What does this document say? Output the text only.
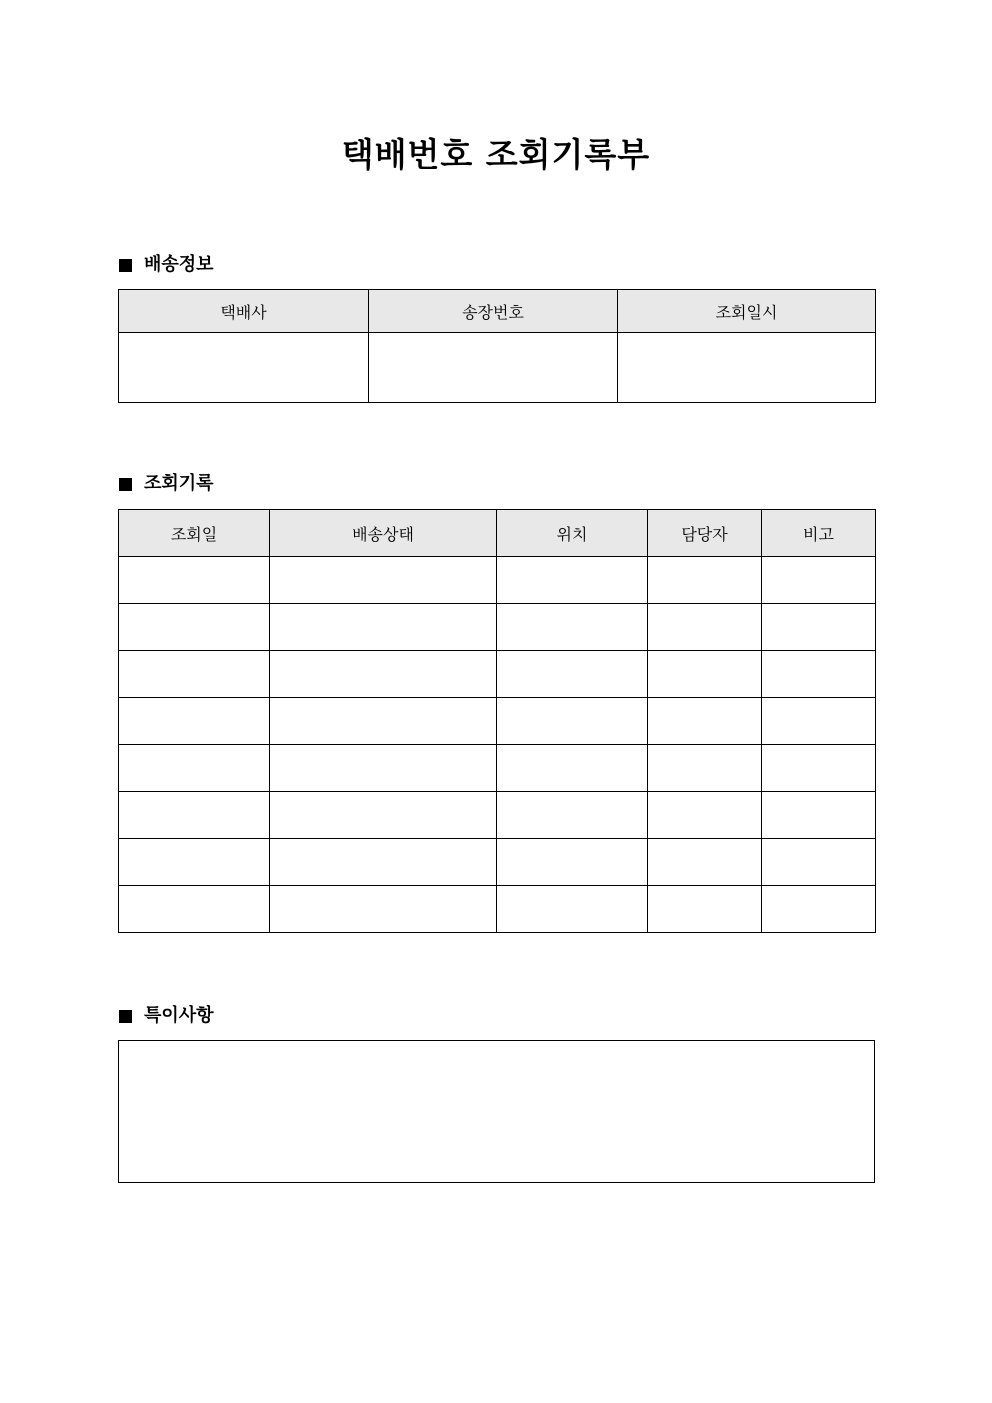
택배번호 조회기록부
배송정보
택배사	송장번호	조회일시

조회기록
조회일	배송상태	위치	담당자	비고

특이사항
